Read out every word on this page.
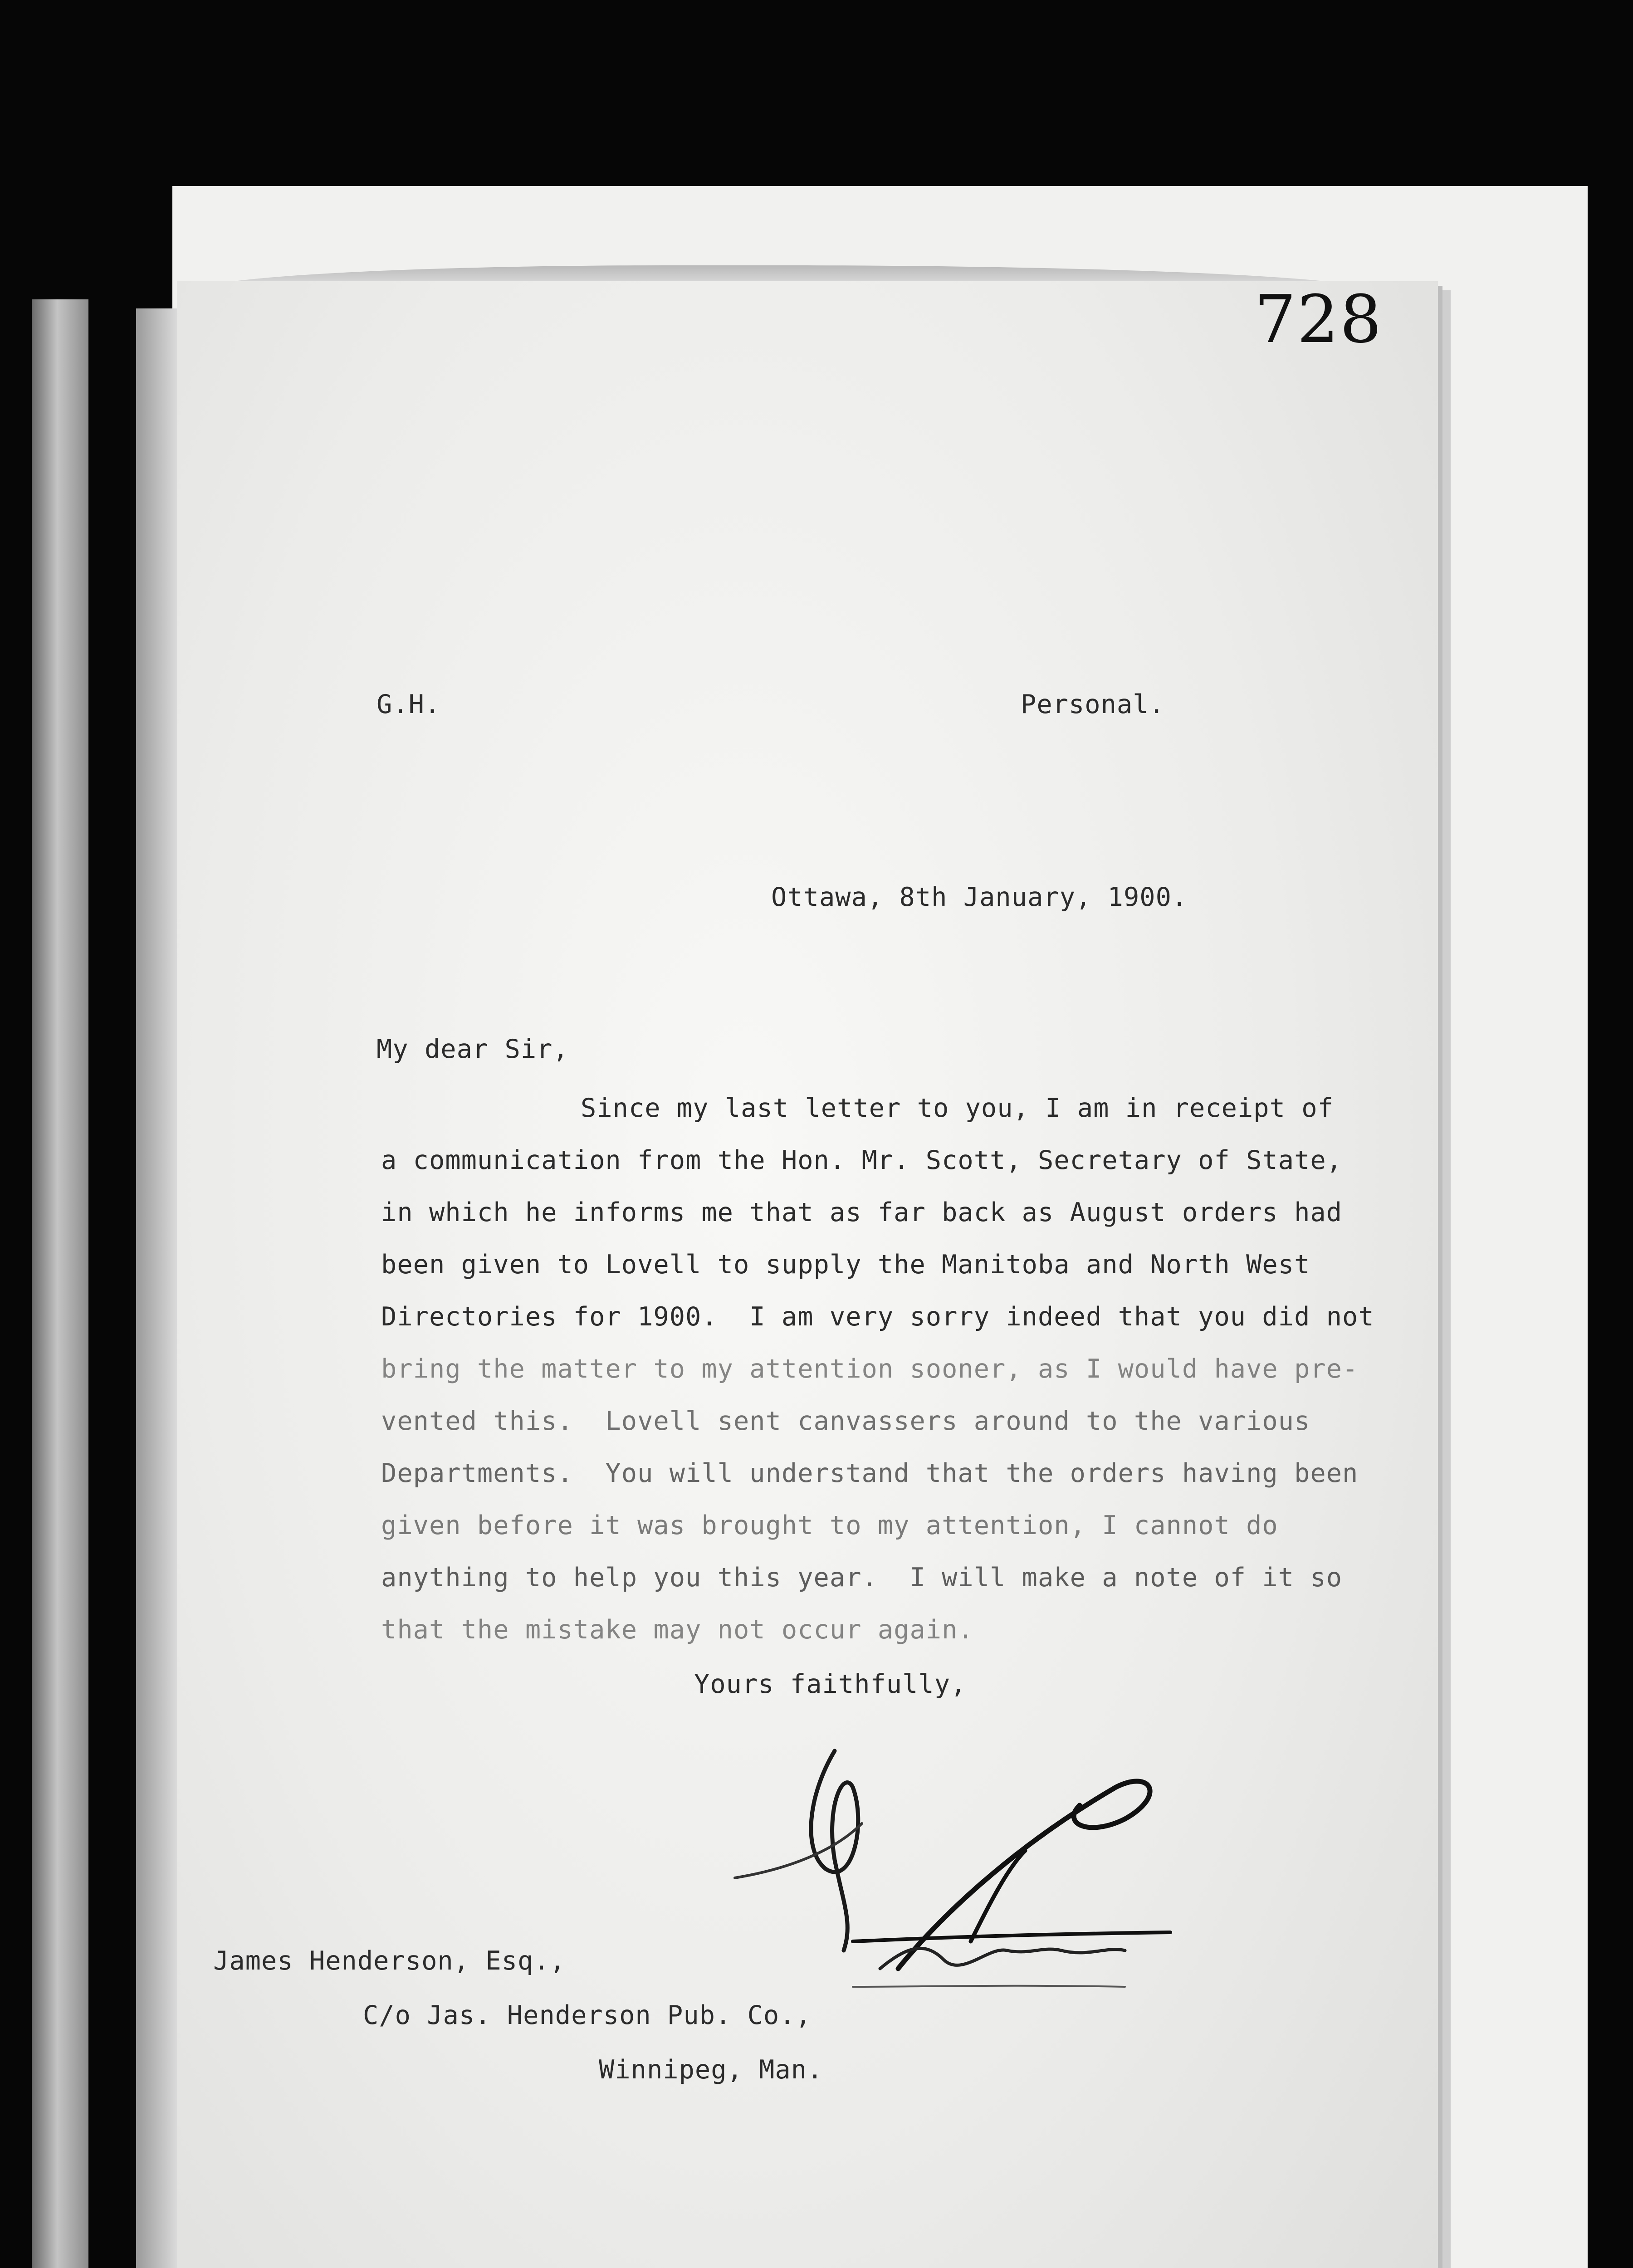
728
G.H.	Personal.
Ottawa, 8th January, 1900.
My dear Sir,
Since my last letter to you, I am in receipt of
a communication from the Hon. Mr. Scott, Secretary of State,
in which he informs me that as far back as August orders had
been given to Lovell to supply the Manitoba and North West
Directories for 1900.  I am very sorry indeed that you did not
bring the matter to my attention sooner, as I would have pre-
vented this.  Lovell sent canvassers around to the various
Departments.  You will understand that the orders having been
given before it was brought to my attention, I cannot do
anything to help you this year.  I will make a note of it so
that the mistake may not occur again.
Yours faithfully,
James Henderson, Esq.,
C/o Jas. Henderson Pub. Co.,
Winnipeg, Man.
